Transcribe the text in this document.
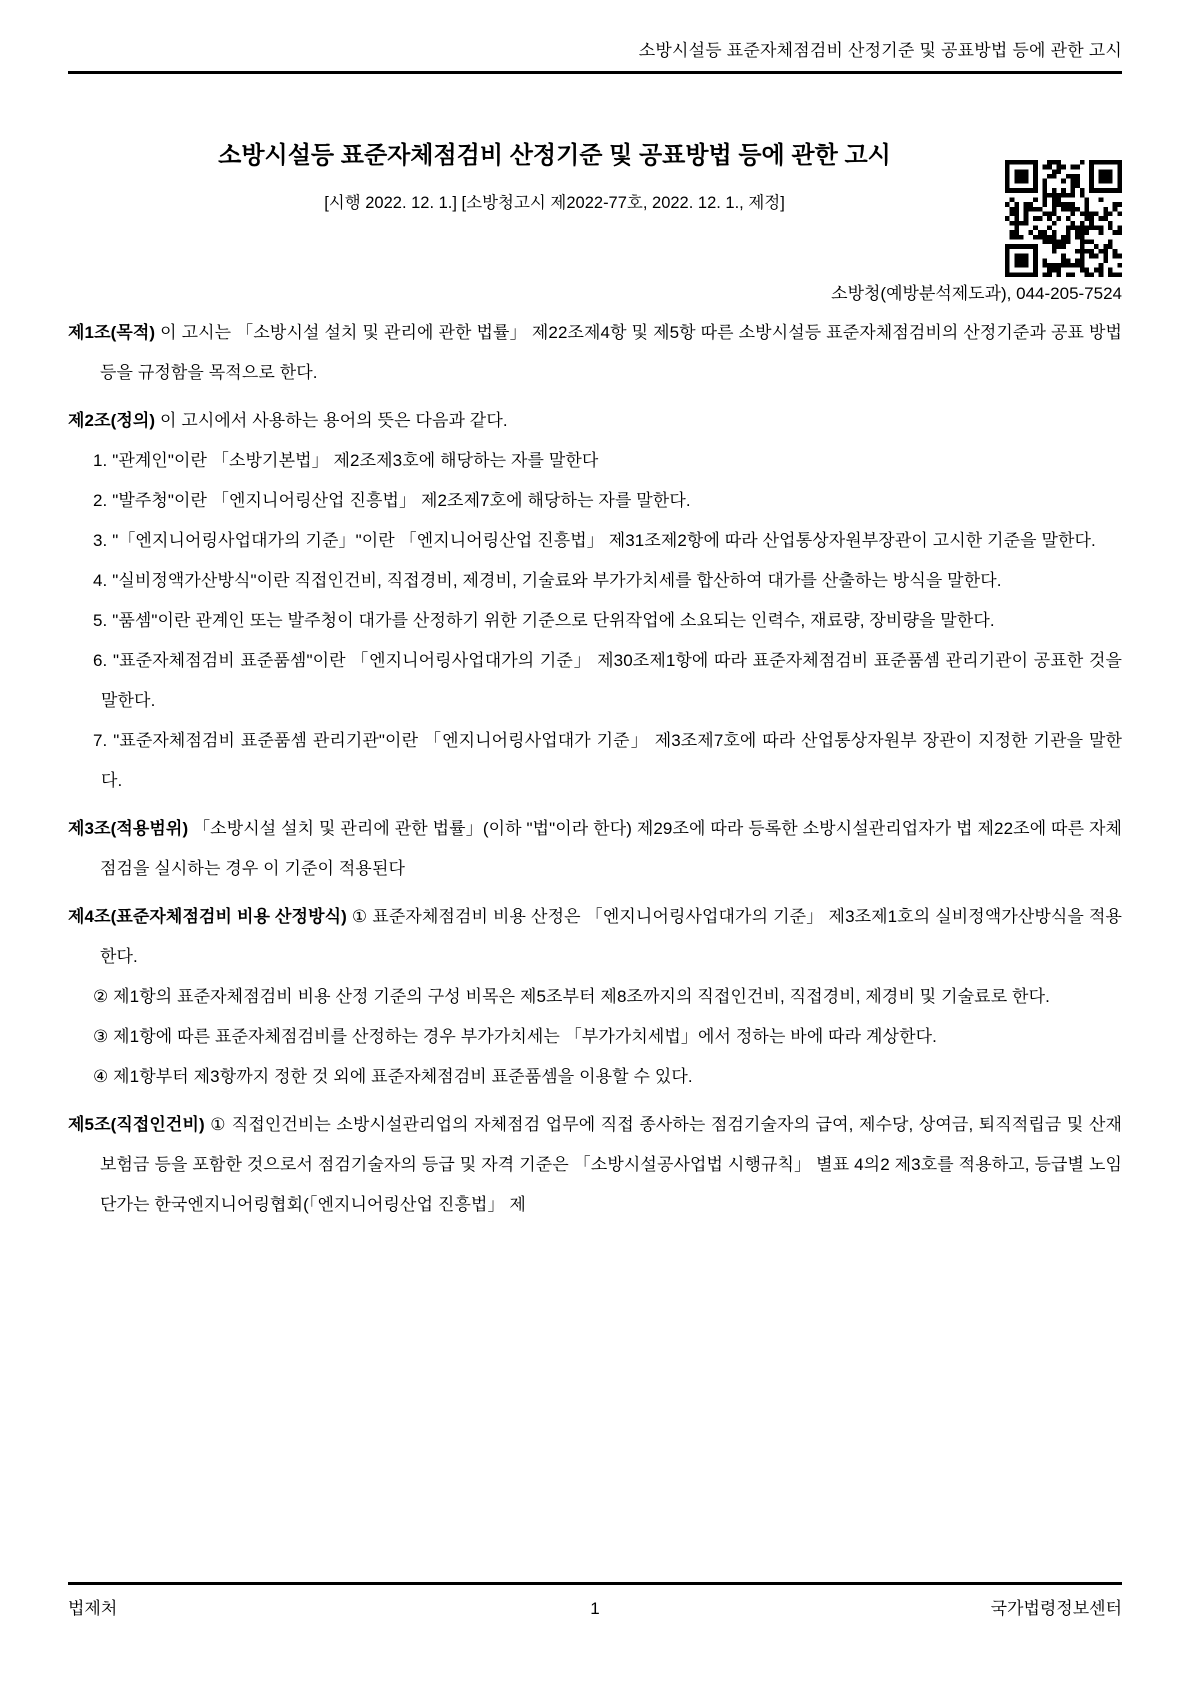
소방시설등 표준자체점검비 산정기준 및 공표방법 등에 관한 고시
소방시설등 표준자체점검비 산정기준 및 공표방법 등에 관한 고시
[시행 2022. 12. 1.] [소방청고시 제2022-77호, 2022. 12. 1., 제정]
소방청(예방분석제도과), 044-205-7524

제1조(목적) 이 고시는 「소방시설 설치 및 관리에 관한 법률」 제22조제4항 및 제5항 따른 소방시설등 표준자체점검비의 산정기준과 공표 방법 등을 규정함을 목적으로 한다.

제2조(정의) 이 고시에서 사용하는 용어의 뜻은 다음과 같다.

1. "관계인"이란 「소방기본법」 제2조제3호에 해당하는 자를 말한다

2. "발주청"이란 「엔지니어링산업 진흥법」 제2조제7호에 해당하는 자를 말한다.

3. "「엔지니어링사업대가의 기준」"이란 「엔지니어링산업 진흥법」 제31조제2항에 따라 산업통상자원부장관이 고시한 기준을 말한다.

4. "실비정액가산방식"이란 직접인건비, 직접경비, 제경비, 기술료와 부가가치세를 합산하여 대가를 산출하는 방식을 말한다.

5. "품셈"이란 관계인 또는 발주청이 대가를 산정하기 위한 기준으로 단위작업에 소요되는 인력수, 재료량, 장비량을 말한다.

6. "표준자체점검비 표준품셈"이란 「엔지니어링사업대가의 기준」 제30조제1항에 따라 표준자체점검비 표준품셈 관리기관이 공표한 것을 말한다.

7. "표준자체점검비 표준품셈 관리기관"이란 「엔지니어링사업대가 기준」 제3조제7호에 따라 산업통상자원부 장관이 지정한 기관을 말한다.

제3조(적용범위) 「소방시설 설치 및 관리에 관한 법률」(이하 "법"이라 한다) 제29조에 따라 등록한 소방시설관리업자가 법 제22조에 따른 자체점검을 실시하는 경우 이 기준이 적용된다

제4조(표준자체점검비 비용 산정방식) ① 표준자체점검비 비용 산정은 「엔지니어링사업대가의 기준」 제3조제1호의 실비정액가산방식을 적용한다.

② 제1항의 표준자체점검비 비용 산정 기준의 구성 비목은 제5조부터 제8조까지의 직접인건비, 직접경비, 제경비 및 기술료로 한다.

③ 제1항에 따른 표준자체점검비를 산정하는 경우 부가가치세는 「부가가치세법」에서 정하는 바에 따라 계상한다.

④ 제1항부터 제3항까지 정한 것 외에 표준자체점검비 표준품셈을 이용할 수 있다.

제5조(직접인건비) ① 직접인건비는 소방시설관리업의 자체점검 업무에 직접 종사하는 점검기술자의 급여, 제수당, 상여금, 퇴직적립금 및 산재보험금 등을 포함한 것으로서 점검기술자의 등급 및 자격 기준은 「소방시설공사업법 시행규칙」 별표 4의2 제3호를 적용하고, 등급별 노임단가는 한국엔지니어링협회(「엔지니어링산업 진흥법」 제

법제처	1	국가법령정보센터
